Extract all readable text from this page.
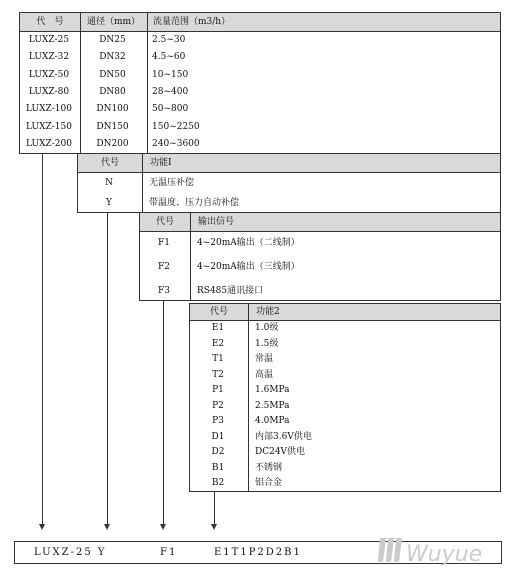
代　号	通径（mm）	流量范围（m3/h）
代号	功能I
代号	输出信号
代号	功能2
LUXZ-25 Y	F1	E1T1P2D2B1	Wuyue
LUXZ-25	DN25	2.5~30
LUXZ-32	DN32	4.5~60
LUXZ-50	DN50	10~150
LUXZ-80	DN80	28~400
LUXZ-100	DN100	50~800
LUXZ-150	DN150	150~2250
LUXZ-200	DN200	240~3600
N	无温压补偿
Y	带温度、压力自动补偿
F1	4~20mA输出（二线制）
F2	4~20mA输出（三线制）
F3	RS485通讯接口
E1	1.0级
E2	1.5级
T1	常温
T2	高温
P1	1.6MPa
P2	2.5MPa
P3	4.0MPa
D1	内部3.6V供电
D2	DC24V供电
B1	不锈钢
B2	铝合金
